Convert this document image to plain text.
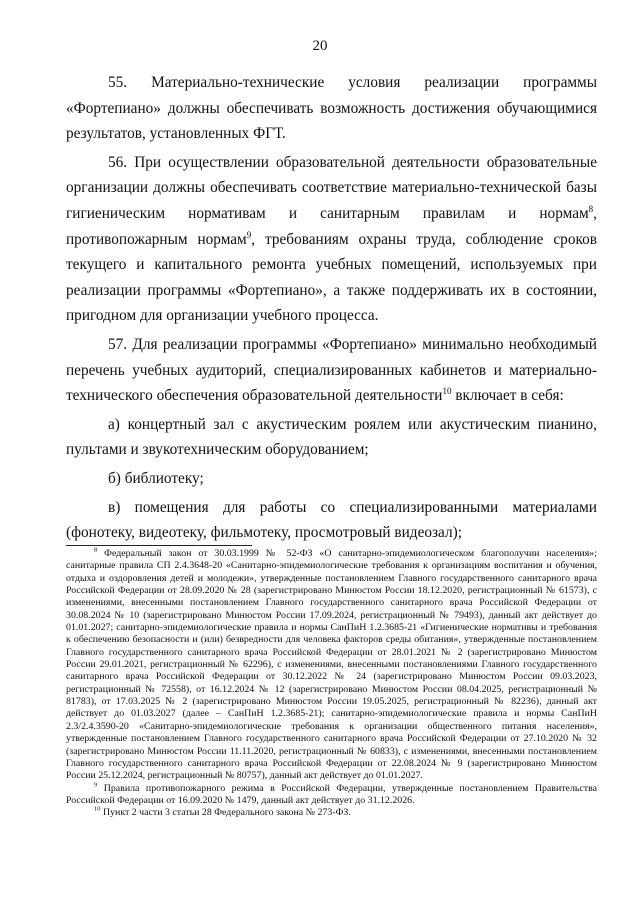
20

55. Материально-технические условия реализации программы «Фортепиано» должны обеспечивать возможность достижения обучающимися результатов, установленных ФГТ.

56. При осуществлении образовательной деятельности образовательные организации должны обеспечивать соответствие материально-технической базы гигиеническим нормативам и санитарным правилам и нормам$^8$, противопожарным нормам$^9$, требованиям охраны труда, соблюдение сроков текущего и капитального ремонта учебных помещений, используемых при реализации программы «Фортепиано», а также поддерживать их в состоянии, пригодном для организации учебного процесса.

57. Для реализации программы «Фортепиано» минимально необходимый перечень учебных аудиторий, специализированных кабинетов и материально-технического обеспечения образовательной деятельности$^{10}$ включает в себя:

а) концертный зал с акустическим роялем или акустическим пианино, пультами и звукотехническим оборудованием;

б) библиотеку;

в) помещения для работы со специализированными материалами (фонотеку, видеотеку, фильмотеку, просмотровый видеозал);

$^8$ Федеральный закон от 30.03.1999 № 52-ФЗ «О санитарно-эпидемиологическом благополучии населения»; санитарные правила СП 2.4.3648-20 «Санитарно-эпидемиологические требования к организациям воспитания и обучения, отдыха и оздоровления детей и молодежи», утвержденные постановлением Главного государственного санитарного врача Российской Федерации от 28.09.2020 № 28 (зарегистрировано Минюстом России 18.12.2020, регистрационный № 61573), с изменениями, внесенными постановлением Главного государственного санитарного врача Российской Федерации от 30.08.2024 № 10 (зарегистрировано Минюстом России 17.09.2024, регистрационный № 79493), данный акт действует до 01.01.2027; санитарно-эпидемиологические правила и нормы СанПиН 1.2.3685-21 «Гигиенические нормативы и требования к обеспечению безопасности и (или) безвредности для человека факторов среды обитания», утвержденные постановлением Главного государственного санитарного врача Российской Федерации от 28.01.2021 № 2 (зарегистрировано Минюстом России 29.01.2021, регистрационный № 62296), с изменениями, внесенными постановлениями Главного государственного санитарного врача Российской Федерации от 30.12.2022 № 24 (зарегистрировано Минюстом России 09.03.2023, регистрационный № 72558), от 16.12.2024 № 12 (зарегистрировано Минюстом России 08.04.2025, регистрационный № 81783), от 17.03.2025 № 2 (зарегистрировано Минюстом России 19.05.2025, регистрационный № 82236), данный акт действует до 01.03.2027 (далее – СанПиН 1.2.3685-21); санитарно-эпидемиологические правила и нормы СанПиН 2.3/2.4.3590-20 «Санитарно-эпидемиологические требования к организации общественного питания населения», утвержденные постановлением Главного государственного санитарного врача Российской Федерации от 27.10.2020 № 32 (зарегистрировано Минюстом России 11.11.2020, регистрационный № 60833), с изменениями, внесенными постановлением Главного государственного санитарного врача Российской Федерации от 22.08.2024 № 9 (зарегистрировано Минюстом России 25.12.2024, регистрационный № 80757), данный акт действует до 01.01.2027.

$^9$ Правила противопожарного режима в Российской Федерации, утвержденные постановлением Правительства Российской Федерации от 16.09.2020 № 1479, данный акт действует до 31.12.2026.

$^{10}$ Пункт 2 части 3 статьи 28 Федерального закона № 273-ФЗ.
